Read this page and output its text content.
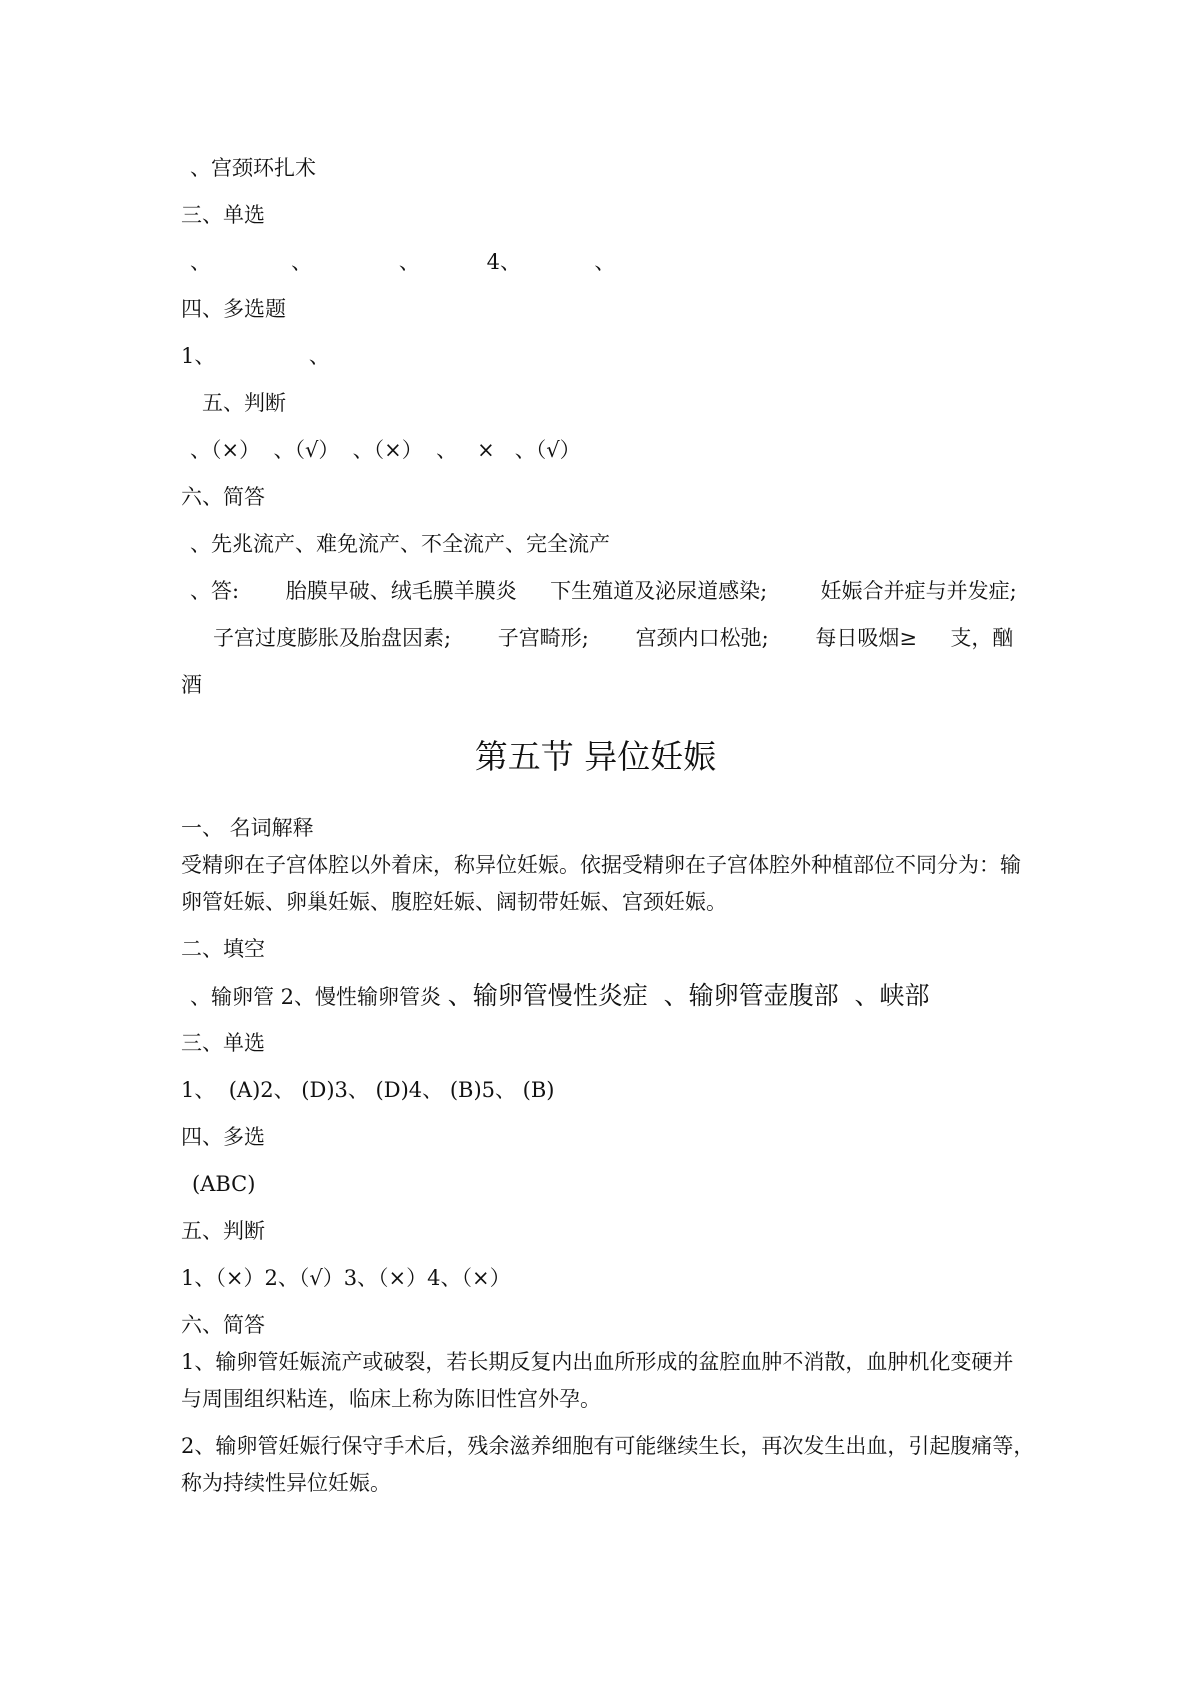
、宫颈环扎术

三、单选

、            、             、          4、           、

四、多选题

1、              、

五、判断

、（×）  、（√）  、（×）  、   ×   、（√）

六、简答

、先兆流产、难免流产、不全流产、完全流产

、答:       胎膜早破、绒毛膜羊膜炎     下生殖道及泌尿道感染;        妊娠合并症与并发症;

子宫过度膨胀及胎盘因素;       子宫畸形;       宫颈内口松弛;       每日吸烟≥     支，酗

酒

第五节 异位妊娠

一、 名词解释

受精卵在子宫体腔以外着床，称异位妊娠。依据受精卵在子宫体腔外种植部位不同分为：输

卵管妊娠、卵巢妊娠、腹腔妊娠、阔韧带妊娠、宫颈妊娠。

二、填空

、输卵管 2、慢性输卵管炎 、输卵管慢性炎症  、输卵管壶腹部  、峡部

三、单选

1、  (A)2、 (D)3、 (D)4、 (B)5、 (B)

四、多选

(ABC)

五、判断

1、（×）2、（√）3、（×）4、（×）

六、简答

1、输卵管妊娠流产或破裂，若长期反复内出血所形成的盆腔血肿不消散，血肿机化变硬并

与周围组织粘连，临床上称为陈旧性宫外孕。

2、输卵管妊娠行保守手术后，残余滋养细胞有可能继续生长，再次发生出血，引起腹痛等，

称为持续性异位妊娠。
